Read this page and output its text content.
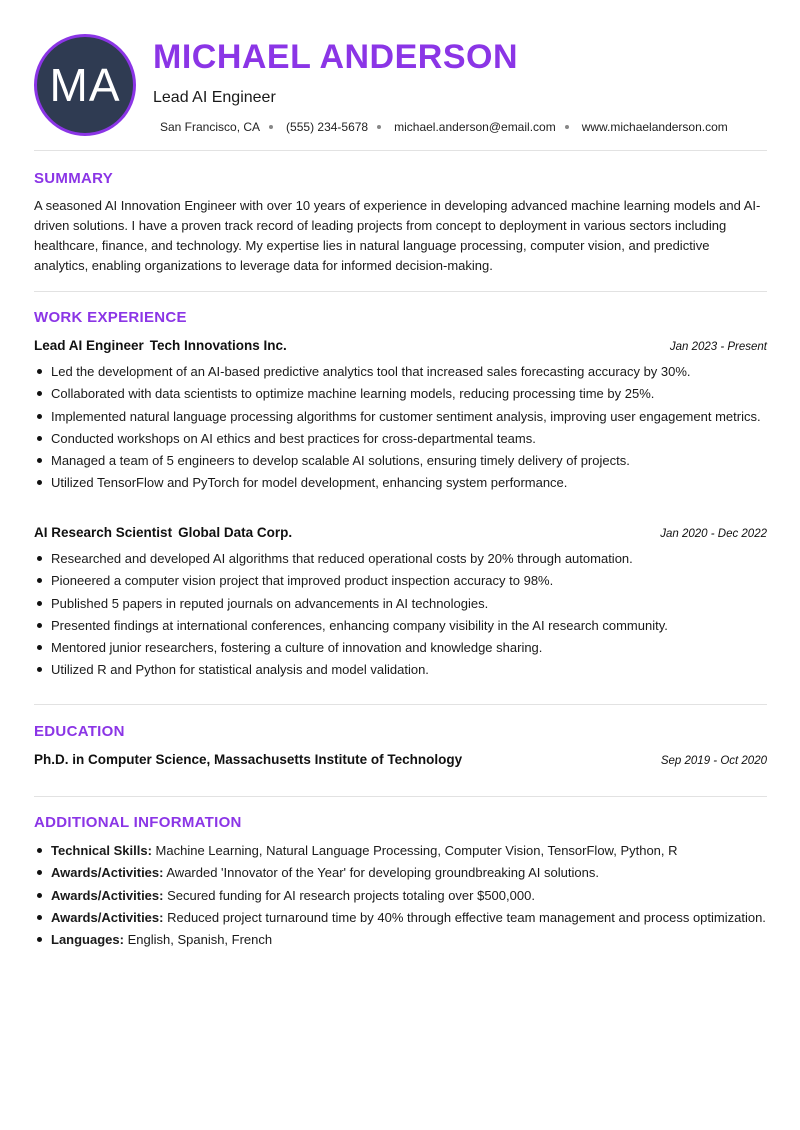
MA
MICHAEL ANDERSON
Lead AI Engineer
San Francisco, CA (555) 234-5678 michael.anderson@email.com www.michaelanderson.com
SUMMARY

A seasoned AI Innovation Engineer with over 10 years of experience in developing advanced machine learning models and AI-driven solutions. I have a proven track record of leading projects from concept to deployment in various sectors including healthcare, finance, and technology. My expertise lies in natural language processing, computer vision, and predictive analytics, enabling organizations to leverage data for informed decision-making.

WORK EXPERIENCE
Lead AI Engineer Tech Innovations Inc.	Jan 2023 - Present
Led the development of an AI-based predictive analytics tool that increased sales forecasting accuracy by 30%.
Collaborated with data scientists to optimize machine learning models, reducing processing time by 25%.
Implemented natural language processing algorithms for customer sentiment analysis, improving user engagement metrics.
Conducted workshops on AI ethics and best practices for cross-departmental teams.
Managed a team of 5 engineers to develop scalable AI solutions, ensuring timely delivery of projects.
Utilized TensorFlow and PyTorch for model development, enhancing system performance.
AI Research Scientist Global Data Corp.	Jan 2020 - Dec 2022
Researched and developed AI algorithms that reduced operational costs by 20% through automation.
Pioneered a computer vision project that improved product inspection accuracy to 98%.
Published 5 papers in reputed journals on advancements in AI technologies.
Presented findings at international conferences, enhancing company visibility in the AI research community.
Mentored junior researchers, fostering a culture of innovation and knowledge sharing.
Utilized R and Python for statistical analysis and model validation.
EDUCATION
Ph.D. in Computer Science, Massachusetts Institute of Technology	Sep 2019 - Oct 2020
ADDITIONAL INFORMATION
Technical Skills: Machine Learning, Natural Language Processing, Computer Vision, TensorFlow, Python, R
Awards/Activities: Awarded 'Innovator of the Year' for developing groundbreaking AI solutions.
Awards/Activities: Secured funding for AI research projects totaling over $500,000.
Awards/Activities: Reduced project turnaround time by 40% through effective team management and process optimization.
Languages: English, Spanish, French
